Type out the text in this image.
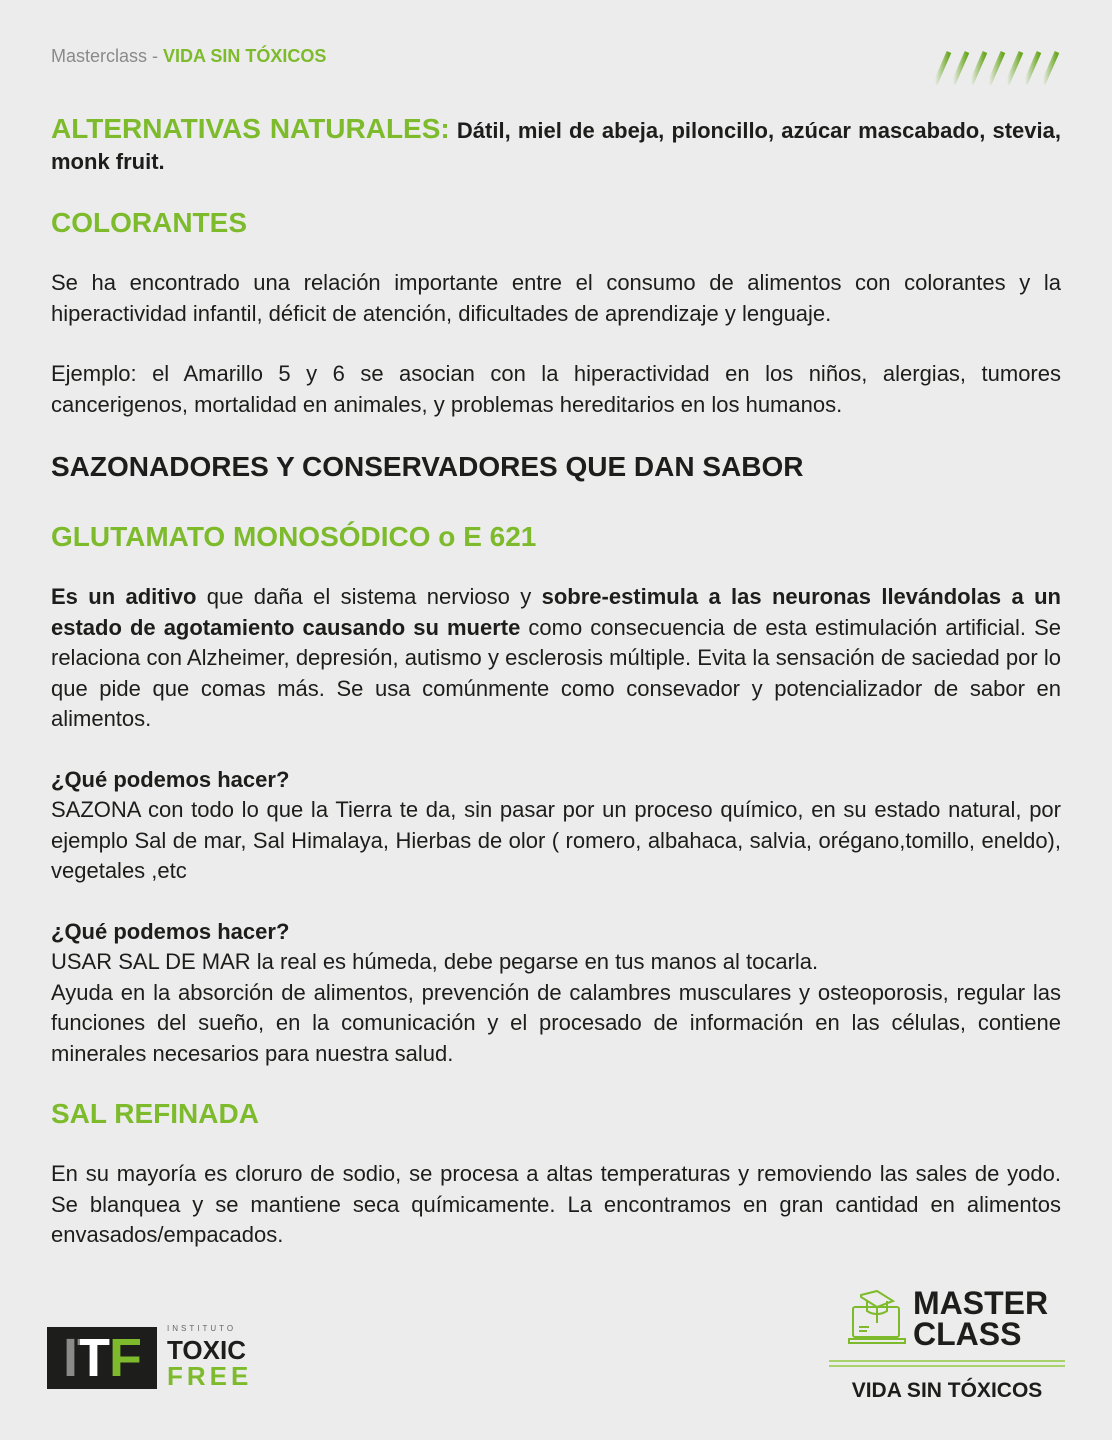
Masterclass - VIDA SIN TÓXICOS

ALTERNATIVAS NATURALES: Dátil, miel de abeja, piloncillo, azúcar mascabado, stevia, monk fruit.

COLORANTES

Se ha encontrado una relación importante entre el consumo de alimentos con colorantes y la hiperactividad infantil, déficit de atención, dificultades de aprendizaje y lenguaje.

Ejemplo: el Amarillo 5 y 6 se asocian con la hiperactividad en los niños, alergias, tumores cancerigenos, mortalidad en animales, y problemas hereditarios en los humanos.

SAZONADORES Y CONSERVADORES QUE DAN SABOR
GLUTAMATO MONOSÓDICO o E 621

Es un aditivo que daña el sistema nervioso y sobre-estimula a las neuronas llevándolas a un estado de agotamiento causando su muerte como consecuencia de esta estimulación artificial. Se relaciona con Alzheimer, depresión, autismo y esclerosis múltiple. Evita la sensación de saciedad por lo que pide que comas más. Se usa comúnmente como consevador y potencializador de sabor en alimentos.

¿Qué podemos hacer?

SAZONA con todo lo que la Tierra te da, sin pasar por un proceso químico, en su estado natural, por ejemplo Sal de mar, Sal Himalaya, Hierbas de olor ( romero, albahaca, salvia, orégano,tomillo, eneldo), vegetales ,etc

¿Qué podemos hacer?

USAR SAL DE MAR la real es húmeda, debe pegarse en tus manos al tocarla.

Ayuda en la absorción de alimentos, prevención de calambres musculares y osteoporosis, regular las funciones del sueño, en la comunicación y el procesado de información en las células, contiene minerales necesarios para nuestra salud.

SAL REFINADA

En su mayoría es cloruro de sodio, se procesa a altas temperaturas y removiendo las sales de yodo. Se blanquea y se mantiene seca químicamente. La encontramos en gran cantidad en alimentos envasados/empacados.

ITF	INSTITUTO
TOXIC
FREE
MASTER
CLASS
VIDA SIN TÓXICOS
